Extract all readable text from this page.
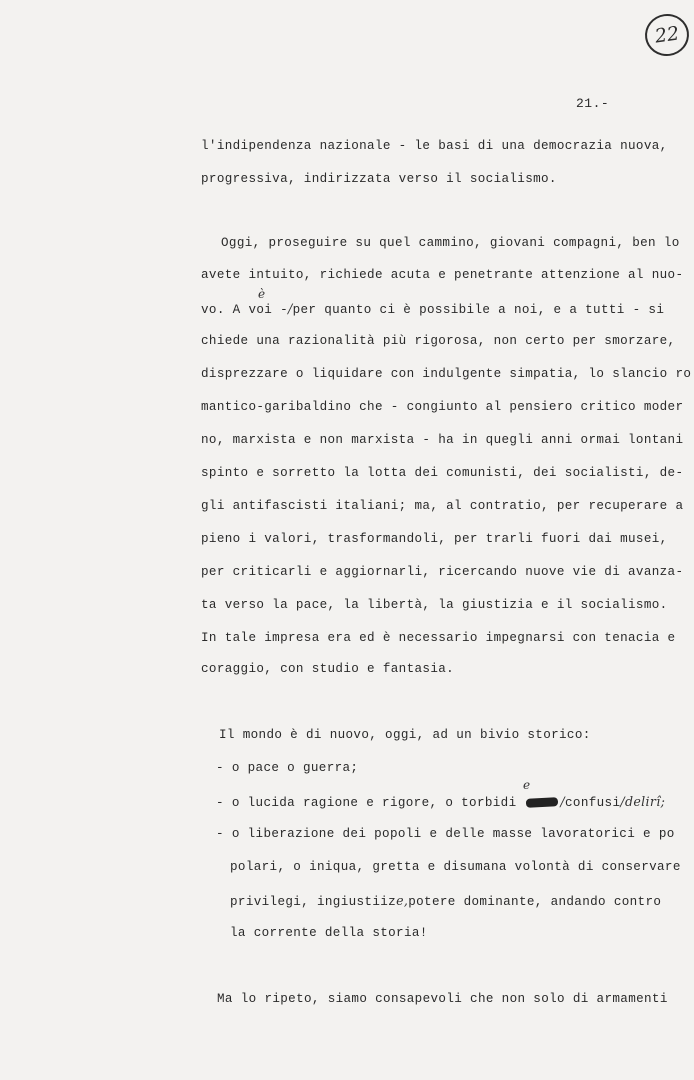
22
21.-
l'indipendenza nazionale - le basi di una democrazia nuova,
progressiva, indirizzata verso il socialismo.
Oggi, proseguire su quel cammino, giovani compagni, ben lo
avete intuito, richiede acuta e penetrante attenzione al nuo-
è
vo. A voi -/per quanto ci è possibile a noi, e a tutti - si
chiede una razionalità più rigorosa, non certo per smorzare,
disprezzare o liquidare con indulgente simpatia, lo slancio ro
mantico-garibaldino che - congiunto al pensiero critico moder
no, marxista e non marxista - ha in quegli anni ormai lontani
spinto e sorretto la lotta dei comunisti, dei socialisti, de-
gli antifascisti italiani; ma, al contratio, per recuperare a
pieno i valori, trasformandoli, per trarli fuori dai musei,
per criticarli e aggiornarli, ricercando nuove vie di avanza-
ta verso la pace, la libertà, la giustizia e il socialismo.
In tale impresa era ed è necessario impegnarsi con tenacia e
coraggio, con studio e fantasia.
Il mondo è di nuovo, oggi, ad un bivio storico:
- o pace o guerra;
e
- o lucida ragione e rigore, o torbidi	/confusi/delirî;
- o liberazione dei popoli e delle masse lavoratorici e po
polari, o iniqua, gretta e disumana volontà di conservare
privilegi, ingiustiize,potere dominante, andando contro
la corrente della storia!
Ma lo ripeto, siamo consapevoli che non solo di armamenti
